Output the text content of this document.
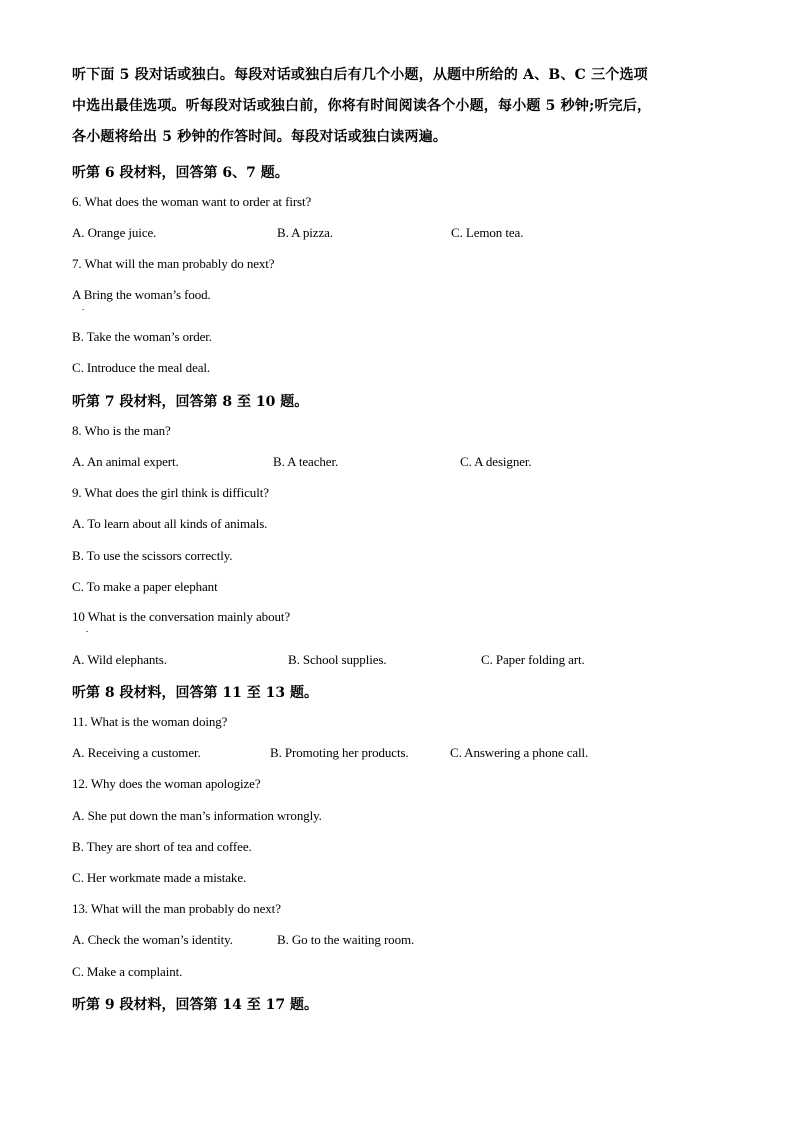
听下面 5 段对话或独白。每段对话或独白后有几个小题，从题中所给的 A、B、C 三个选项
中选出最佳选项。听每段对话或独白前，你将有时间阅读各个小题，每小题 5 秒钟;听完后，
各小题将给出 5 秒钟的作答时间。每段对话或独白读两遍。
听第 6 段材料，回答第 6、7 题。
6. What does the woman want to order at first?
A. Orange juice.	B. A pizza.	C. Lemon tea.
7. What will the man probably do next?
A Bring the woman’s food.
.
B. Take the woman’s order.
C. Introduce the meal deal.
听第 7 段材料，回答第 8 至 10 题。
8. Who is the man?
A. An animal expert.	B. A teacher.	C. A designer.
9. What does the girl think is difficult?
A. To learn about all kinds of animals.
B. To use the scissors correctly.
C. To make a paper elephant
10 What is the conversation mainly about?
.
A. Wild elephants.	B. School supplies.	C. Paper folding art.
听第 8 段材料，回答第 11 至 13 题。
11. What is the woman doing?
A. Receiving a customer.	B. Promoting her products.	C. Answering a phone call.
12. Why does the woman apologize?
A. She put down the man’s information wrongly.
B. They are short of tea and coffee.
C. Her workmate made a mistake.
13. What will the man probably do next?
A. Check the woman’s identity.	B. Go to the waiting room.
C. Make a complaint.
听第 9 段材料，回答第 14 至 17 题。
